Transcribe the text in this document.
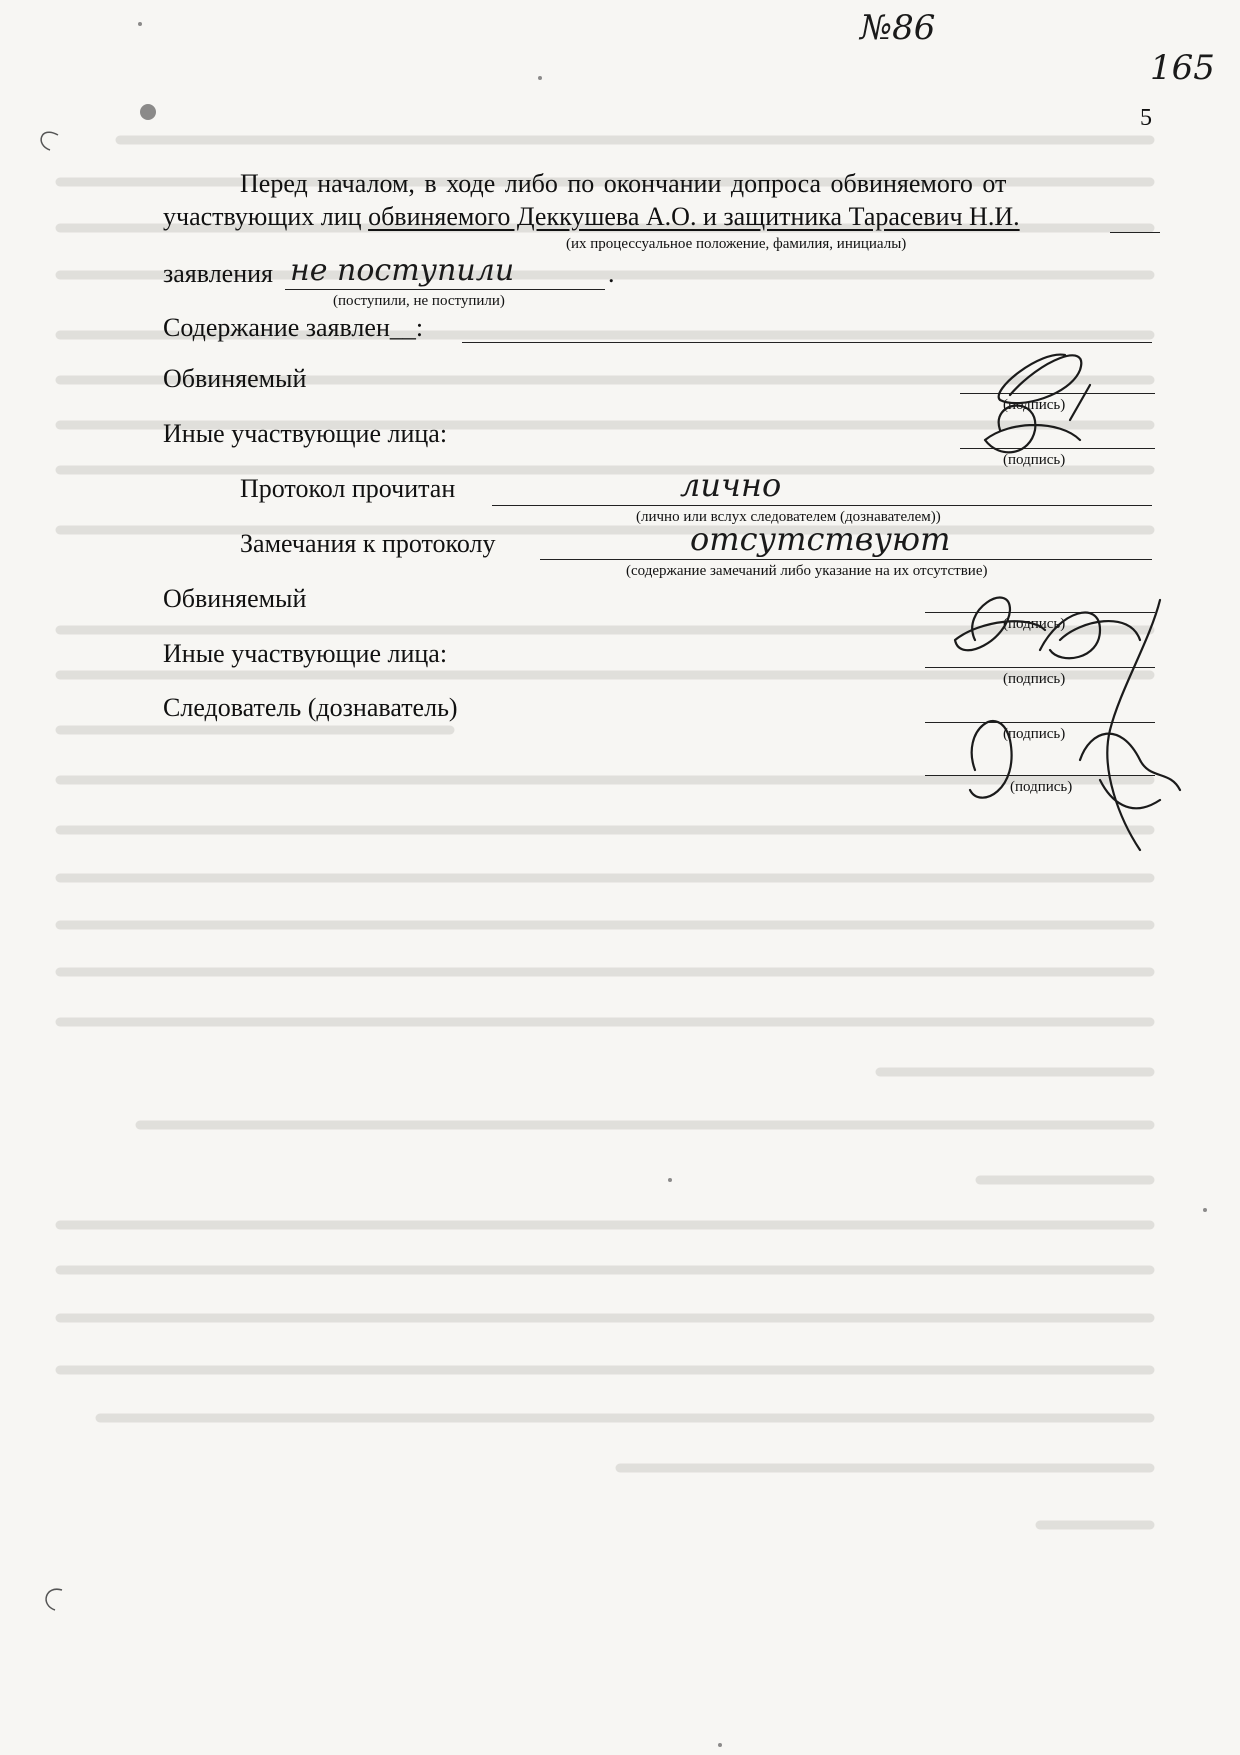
№86
165
5
Перед началом, в ходе либо по окончании допроса обвиняемого от
участвующих лиц обвиняемого Деккушева А.О. и защитника Тарасевич Н.И.
(их процессуальное положение, фамилия, инициалы)
заявления не поступили	.
(поступили, не поступили)
Содержание заявлен__:
Обвиняемый
(подпись)
Иные участвующие лица:
(подпись)
Протокол прочитан	лично
(лично или вслух следователем (дознавателем))
Замечания к протоколу	отсутствуют
(содержание замечаний либо указание на их отсутствие)
Обвиняемый
(подпись)
Иные участвующие лица:
(подпись)
Следователь (дознаватель)
(подпись)
(подпись)
